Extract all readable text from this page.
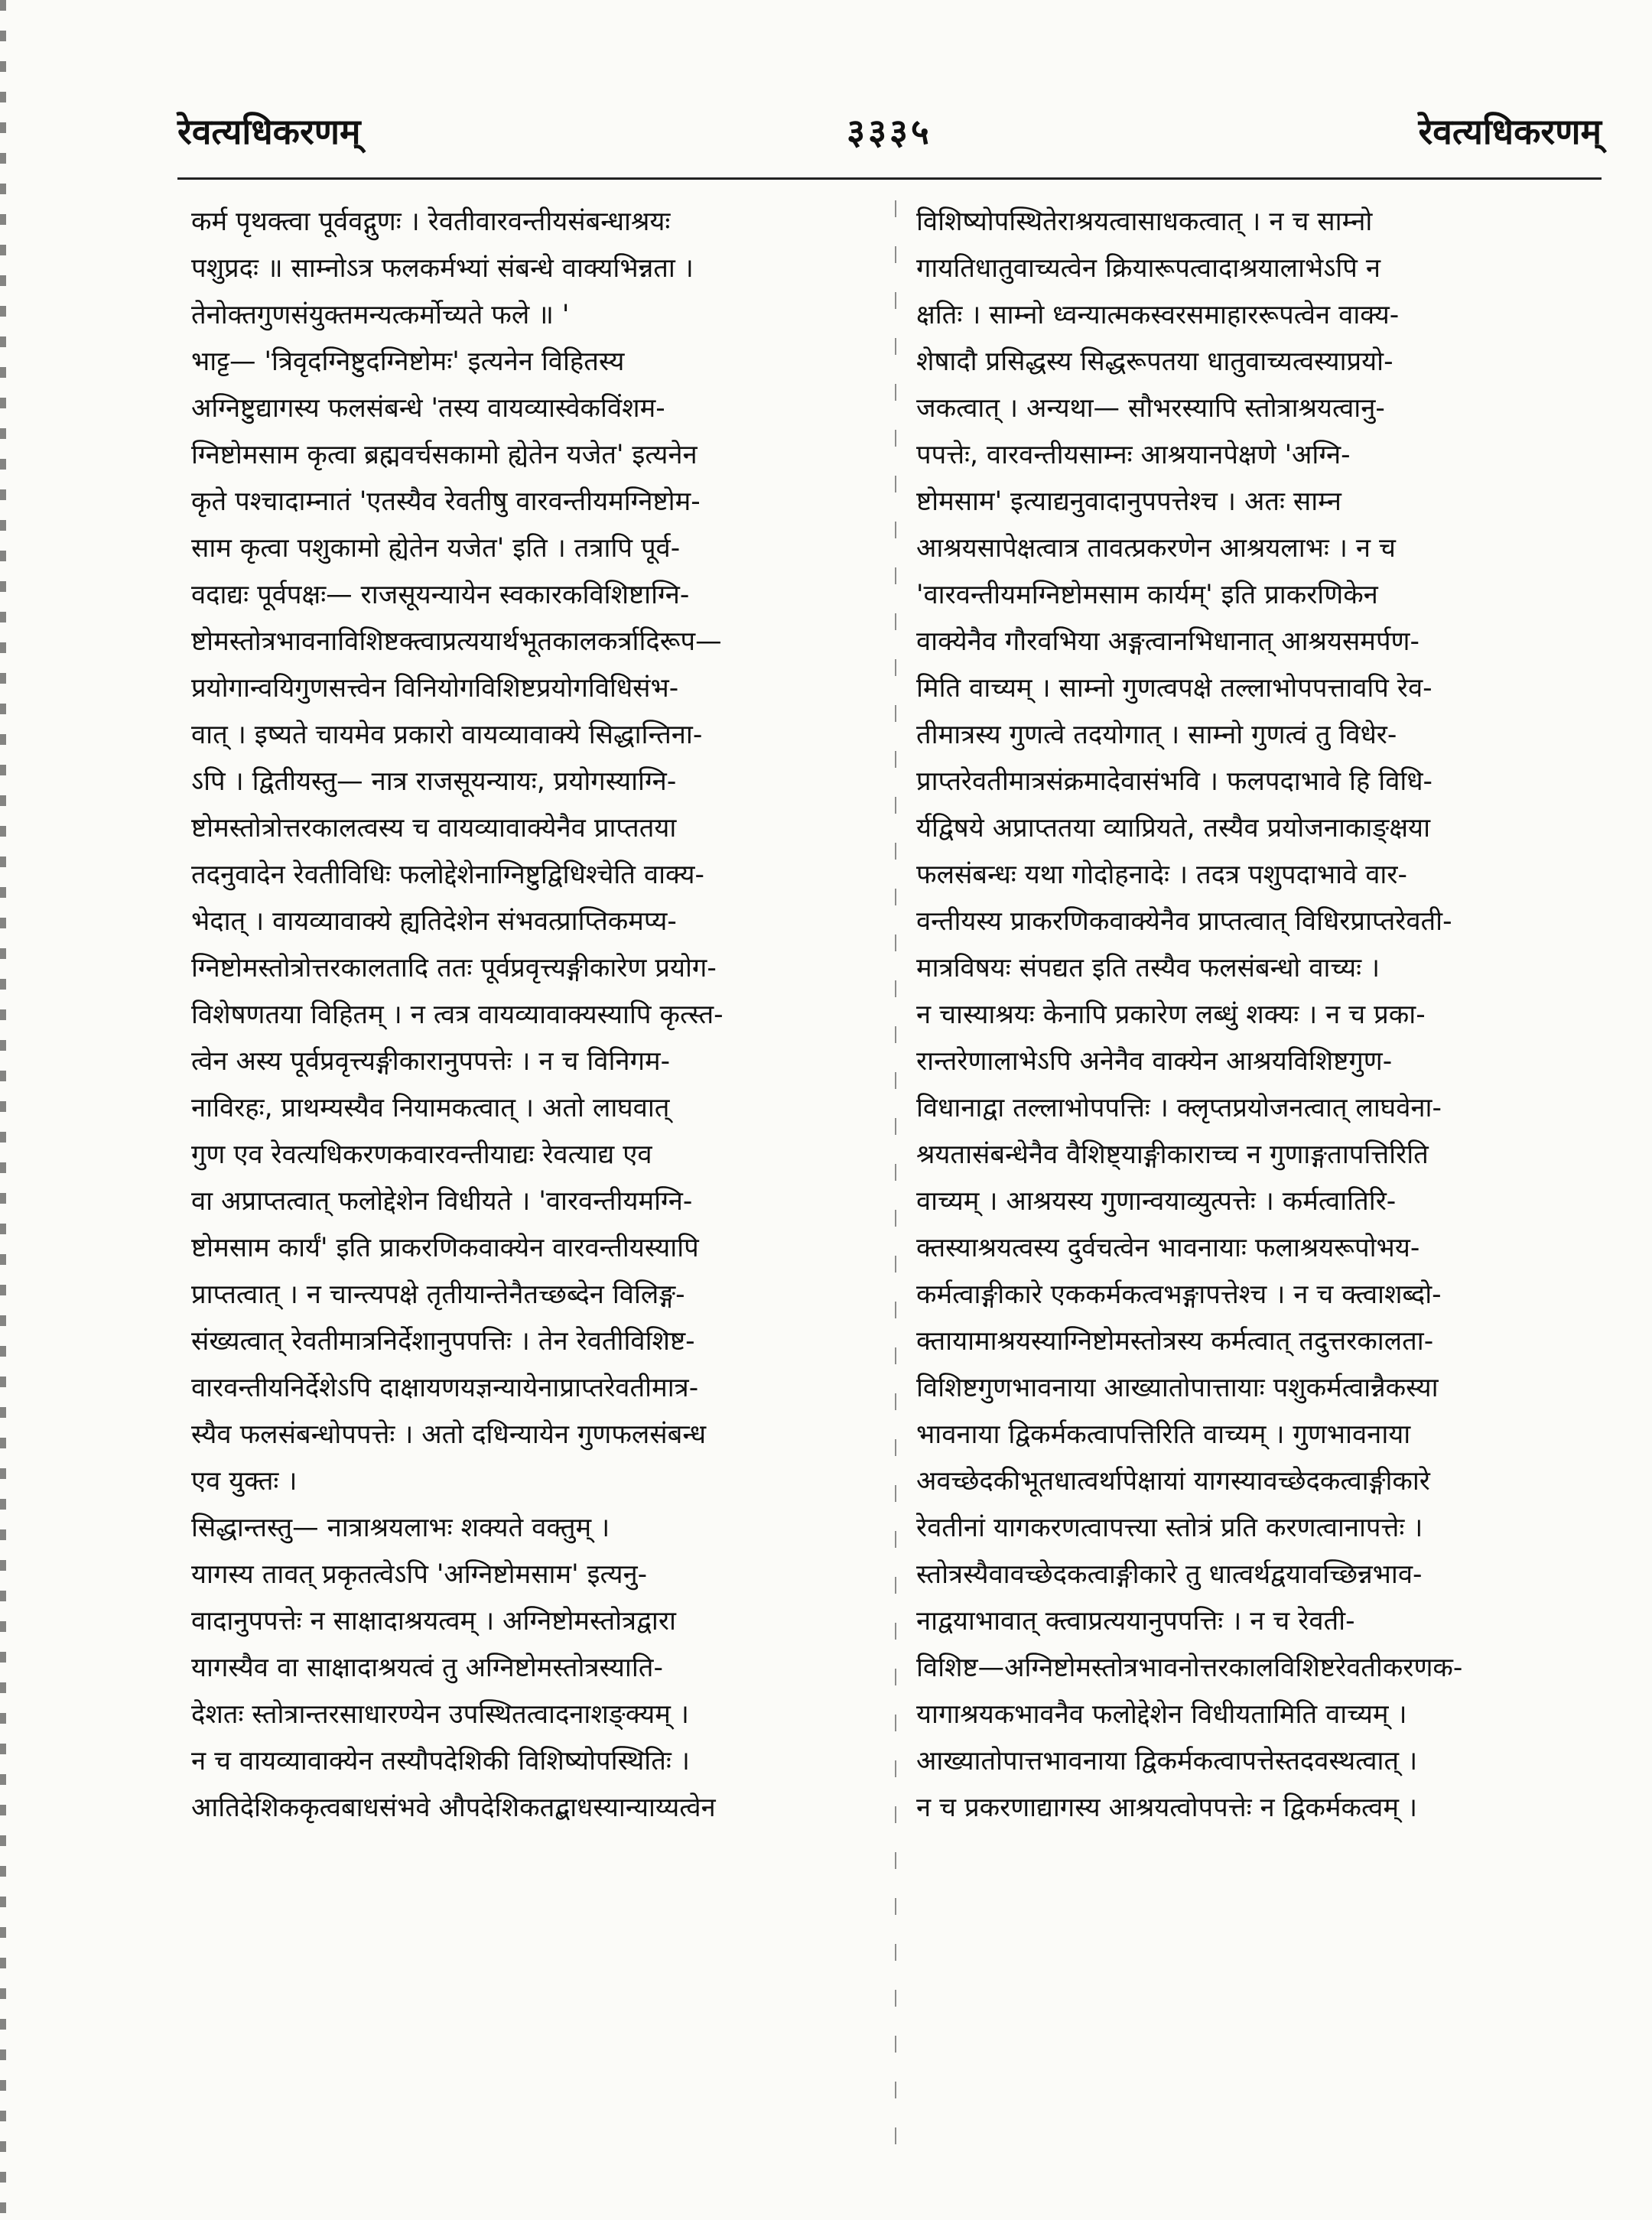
रेवत्यधिकरणम्	३३३५	रेवत्यधिकरणम्
कर्म पृथक्त्वा पूर्ववद्गुणः । रेवतीवारवन्तीयसंबन्धाश्रयः
पशुप्रदः ॥ साम्नोऽत्र फलकर्मभ्यां संबन्धे वाक्यभिन्नता ।
तेनोक्तगुणसंयुक्तमन्यत्कर्मोच्यते फले ॥ '
भाट्ट— 'त्रिवृदग्निष्टुदग्निष्टोमः' इत्यनेन विहितस्य
अग्निष्टुद्यागस्य फलसंबन्धे 'तस्य वायव्यास्वेकविंशम-
ग्निष्टोमसाम कृत्वा ब्रह्मवर्चसकामो ह्येतेन यजेत' इत्यनेन
कृते पश्चादाम्नातं 'एतस्यैव रेवतीषु वारवन्तीयमग्निष्टोम-
साम कृत्वा पशुकामो ह्येतेन यजेत' इति । तत्रापि पूर्व-
वदाद्यः पूर्वपक्षः— राजसूयन्यायेन स्वकारकविशिष्टाग्नि-
ष्टोमस्तोत्रभावनाविशिष्टक्त्वाप्रत्ययार्थभूतकालकर्त्रादिरूप—
प्रयोगान्वयिगुणसत्त्वेन विनियोगविशिष्टप्रयोगविधिसंभ-
वात् । इष्यते चायमेव प्रकारो वायव्यावाक्ये सिद्धान्तिना-
ऽपि । द्वितीयस्तु— नात्र राजसूयन्यायः, प्रयोगस्याग्नि-
ष्टोमस्तोत्रोत्तरकालत्वस्य च वायव्यावाक्येनैव प्राप्ततया
तदनुवादेन रेवतीविधिः फलोद्देशेनाग्निष्टुद्विधिश्चेति वाक्य-
भेदात् । वायव्यावाक्ये ह्यतिदेशेन संभवत्प्राप्तिकमप्य-
ग्निष्टोमस्तोत्रोत्तरकालतादि ततः पूर्वप्रवृत्त्यङ्गीकारेण प्रयोग-
विशेषणतया विहितम् । न त्वत्र वायव्यावाक्यस्यापि कृत्स्त-
त्वेन अस्य पूर्वप्रवृत्त्यङ्गीकारानुपपत्तेः । न च विनिगम-
नाविरहः, प्राथम्यस्यैव नियामकत्वात् । अतो लाघवात्
गुण एव रेवत्यधिकरणकवारवन्तीयाद्यः रेवत्याद्य एव
वा अप्राप्तत्वात् फलोद्देशेन विधीयते । 'वारवन्तीयमग्नि-
ष्टोमसाम कार्यं' इति प्राकरणिकवाक्येन वारवन्तीयस्यापि
प्राप्तत्वात् । न चान्त्यपक्षे तृतीयान्तेनैतच्छब्देन विलिङ्ग-
संख्यत्वात् रेवतीमात्रनिर्देशानुपपत्तिः । तेन रेवतीविशिष्ट-
वारवन्तीयनिर्देशेऽपि दाक्षायणयज्ञन्यायेनाप्राप्तरेवतीमात्र-
स्यैव फलसंबन्धोपपत्तेः । अतो दधिन्यायेन गुणफलसंबन्ध
एव युक्तः ।
सिद्धान्तस्तु— नात्राश्रयलाभः शक्यते वक्तुम् ।
यागस्य तावत् प्रकृतत्वेऽपि 'अग्निष्टोमसाम' इत्यनु-
वादानुपपत्तेः न साक्षादाश्रयत्वम् । अग्निष्टोमस्तोत्रद्वारा
यागस्यैव वा साक्षादाश्रयत्वं तु अग्निष्टोमस्तोत्रस्याति-
देशतः स्तोत्रान्तरसाधारण्येन उपस्थितत्वादनाशङ्क्यम् ।
न च वायव्यावाक्येन तस्यौपदेशिकी विशिष्योपस्थितिः ।
आतिदेशिककृत्वबाधसंभवे औपदेशिकतद्बाधस्यान्याय्यत्वेन
विशिष्योपस्थितेराश्रयत्वासाधकत्वात् । न च साम्नो
गायतिधातुवाच्यत्वेन क्रियारूपत्वादाश्रयालाभेऽपि न
क्षतिः । साम्नो ध्वन्यात्मकस्वरसमाहाररूपत्वेन वाक्य-
शेषादौ प्रसिद्धस्य सिद्धरूपतया धातुवाच्यत्वस्याप्रयो-
जकत्वात् । अन्यथा— सौभरस्यापि स्तोत्राश्रयत्वानु-
पपत्तेः, वारवन्तीयसाम्नः आश्रयानपेक्षणे 'अग्नि-
ष्टोमसाम' इत्याद्यनुवादानुपपत्तेश्च । अतः साम्न
आश्रयसापेक्षत्वात्र तावत्प्रकरणेन आश्रयलाभः । न च
'वारवन्तीयमग्निष्टोमसाम कार्यम्' इति प्राकरणिकेन
वाक्येनैव गौरवभिया अङ्गत्वानभिधानात् आश्रयसमर्पण-
मिति वाच्यम् । साम्नो गुणत्वपक्षे तल्लाभोपपत्तावपि रेव-
तीमात्रस्य गुणत्वे तदयोगात् । साम्नो गुणत्वं तु विधेर-
प्राप्तरेवतीमात्रसंक्रमादेवासंभवि । फलपदाभावे हि विधि-
र्यद्विषये अप्राप्ततया व्याप्रियते, तस्यैव प्रयोजनाकाङ्क्षया
फलसंबन्धः यथा गोदोहनादेः । तदत्र पशुपदाभावे वार-
वन्तीयस्य प्राकरणिकवाक्येनैव प्राप्तत्वात् विधिरप्राप्तरेवती-
मात्रविषयः संपद्यत इति तस्यैव फलसंबन्धो वाच्यः ।
न चास्याश्रयः केनापि प्रकारेण लब्धुं शक्यः । न च प्रका-
रान्तरेणालाभेऽपि अनेनैव वाक्येन आश्रयविशिष्टगुण-
विधानाद्वा तल्लाभोपपत्तिः । क्लृप्तप्रयोजनत्वात् लाघवेना-
श्रयतासंबन्धेनैव वैशिष्ट्याङ्गीकाराच्च न गुणाङ्गतापत्तिरिति
वाच्यम् । आश्रयस्य गुणान्वयाव्युत्पत्तेः । कर्मत्वातिरि-
क्तस्याश्रयत्वस्य दुर्वचत्वेन भावनायाः फलाश्रयरूपोभय-
कर्मत्वाङ्गीकारे एककर्मकत्वभङ्गापत्तेश्च । न च क्त्वाशब्दो-
क्तायामाश्रयस्याग्निष्टोमस्तोत्रस्य कर्मत्वात् तदुत्तरकालता-
विशिष्टगुणभावनाया आख्यातोपात्तायाः पशुकर्मत्वान्नैकस्या
भावनाया द्विकर्मकत्वापत्तिरिति वाच्यम् । गुणभावनाया
अवच्छेदकीभूतधात्वर्थापेक्षायां यागस्यावच्छेदकत्वाङ्गीकारे
रेवतीनां यागकरणत्वापत्त्या स्तोत्रं प्रति करणत्वानापत्तेः ।
स्तोत्रस्यैवावच्छेदकत्वाङ्गीकारे तु धात्वर्थद्वयावच्छिन्नभाव-
नाद्वयाभावात् क्त्वाप्रत्ययानुपपत्तिः । न च रेवती-
विशिष्ट—अग्निष्टोमस्तोत्रभावनोत्तरकालविशिष्टरेवतीकरणक-
यागाश्रयकभावनैव फलोद्देशेन विधीयतामिति वाच्यम् ।
आख्यातोपात्तभावनाया द्विकर्मकत्वापत्तेस्तदवस्थत्वात् ।
न च प्रकरणाद्यागस्य आश्रयत्वोपपत्तेः न द्विकर्मकत्वम् ।
